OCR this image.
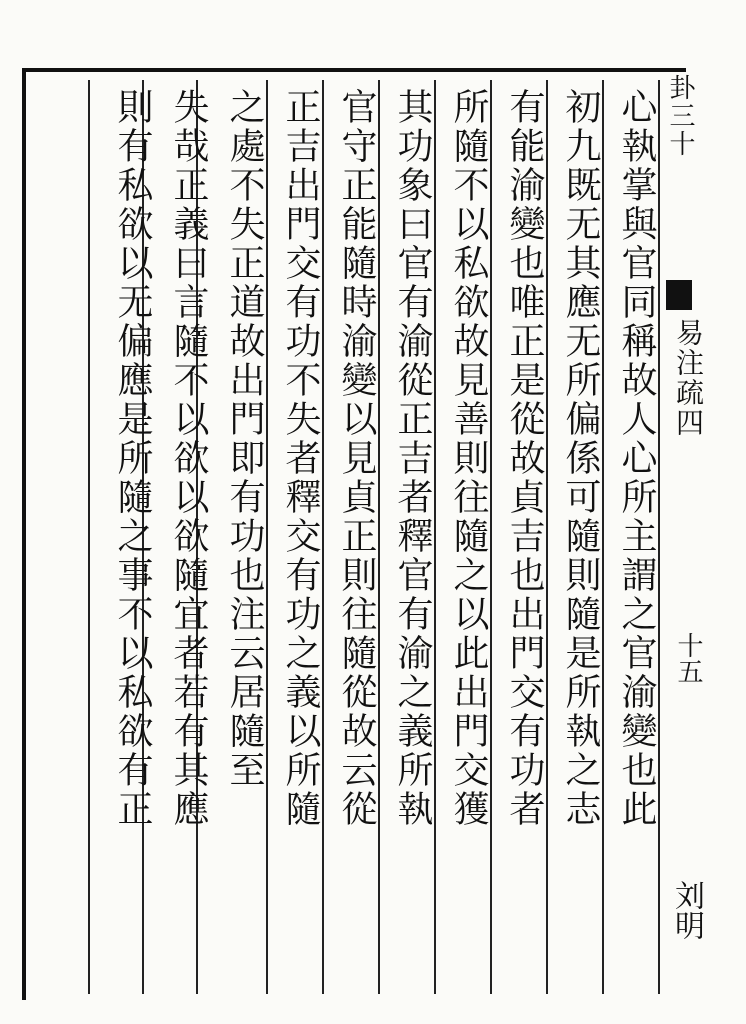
卦三十
易注疏四
十五
刘明
心執掌與官同稱故人心所主謂之官渝變也此
初九既无其應无所偏係可隨則隨是所執之志
有能渝變也唯正是從故貞吉也出門交有功者
所隨不以私欲故見善則往隨之以此出門交獲
其功象曰官有渝從正吉者釋官有渝之義所執
官守正能隨時渝變以見貞正則往隨從故云從
正吉出門交有功不失者釋交有功之義以所隨
之處不失正道故出門即有功也注云居隨至
失哉正義曰言隨不以欲以欲隨宜者若有其應
則有私欲以无偏應是所隨之事不以私欲有正
